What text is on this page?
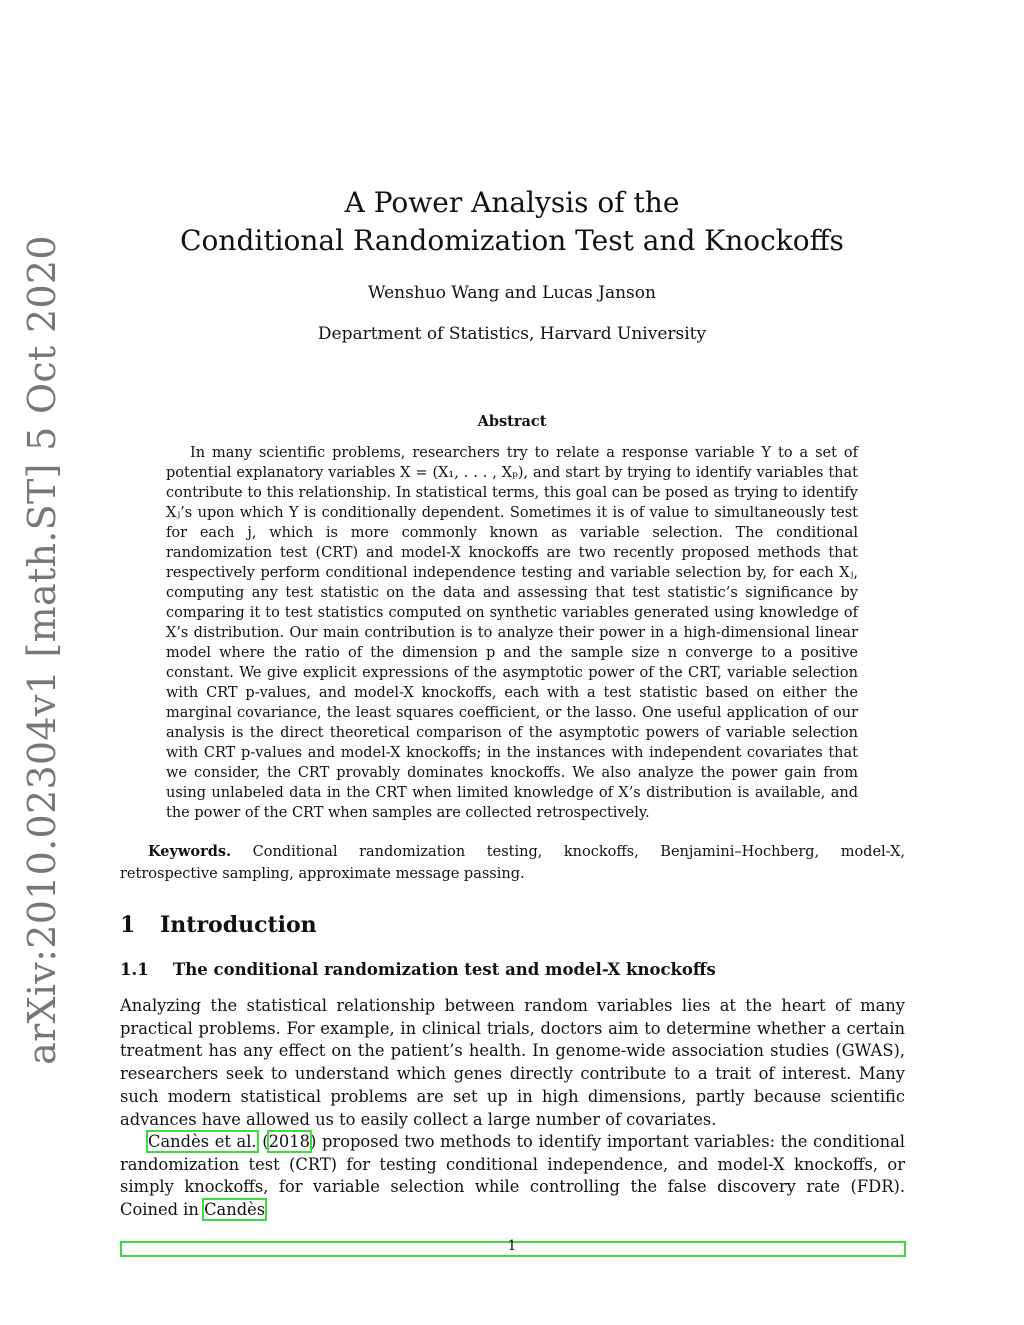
arXiv:2010.02304v1 [math.ST] 5 Oct 2020
A Power Analysis of the
Conditional Randomization Test and Knockoffs
Wenshuo Wang and Lucas Janson
Department of Statistics, Harvard University
Abstract

In many scientific problems, researchers try to relate a response variable Y to a set of potential explanatory variables X = (X₁, . . . , Xₚ), and start by trying to identify variables that contribute to this relationship. In statistical terms, this goal can be posed as trying to identify Xⱼ’s upon which Y is conditionally dependent. Sometimes it is of value to simultaneously test for each j, which is more commonly known as variable selection. The conditional randomization test (CRT) and model-X knockoffs are two recently proposed methods that respectively perform conditional independence testing and variable selection by, for each Xⱼ, computing any test statistic on the data and assessing that test statistic’s significance by comparing it to test statistics computed on synthetic variables generated using knowledge of X’s distribution. Our main contribution is to analyze their power in a high-dimensional linear model where the ratio of the dimension p and the sample size n converge to a positive constant. We give explicit expressions of the asymptotic power of the CRT, variable selection with CRT p-values, and model-X knockoffs, each with a test statistic based on either the marginal covariance, the least squares coefficient, or the lasso. One useful application of our analysis is the direct theoretical comparison of the asymptotic powers of variable selection with CRT p-values and model-X knockoffs; in the instances with independent covariates that we consider, the CRT provably dominates knockoffs. We also analyze the power gain from using unlabeled data in the CRT when limited knowledge of X’s distribution is available, and the power of the CRT when samples are collected retrospectively.

Keywords. Conditional randomization testing, knockoffs, Benjamini–Hochberg, model-X, retrospective sampling, approximate message passing.

1 Introduction
1.1 The conditional randomization test and model-X knockoffs

Analyzing the statistical relationship between random variables lies at the heart of many practical problems. For example, in clinical trials, doctors aim to determine whether a certain treatment has any effect on the patient’s health. In genome-wide association studies (GWAS), researchers seek to understand which genes directly contribute to a trait of interest. Many such modern statistical problems are set up in high dimensions, partly because scientific advances have allowed us to easily collect a large number of covariates.

Candès et al. (2018) proposed two methods to identify important variables: the conditional randomization test (CRT) for testing conditional independence, and model-X knockoffs, or simply knockoffs, for variable selection while controlling the false discovery rate (FDR). Coined in Candès

1
